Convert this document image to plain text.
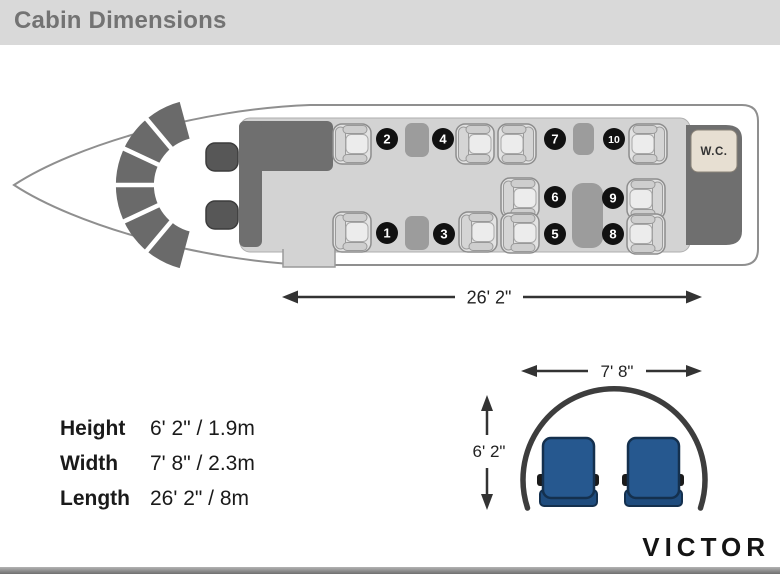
Cabin Dimensions
W.C.
1
2
3
4
5
6
7
8
9
10
26' 2"
7' 8"
6' 2"
Height 6' 2" / 1.9m
Width 7' 8" / 2.3m
Length 26' 2" / 8m
VICTOR
